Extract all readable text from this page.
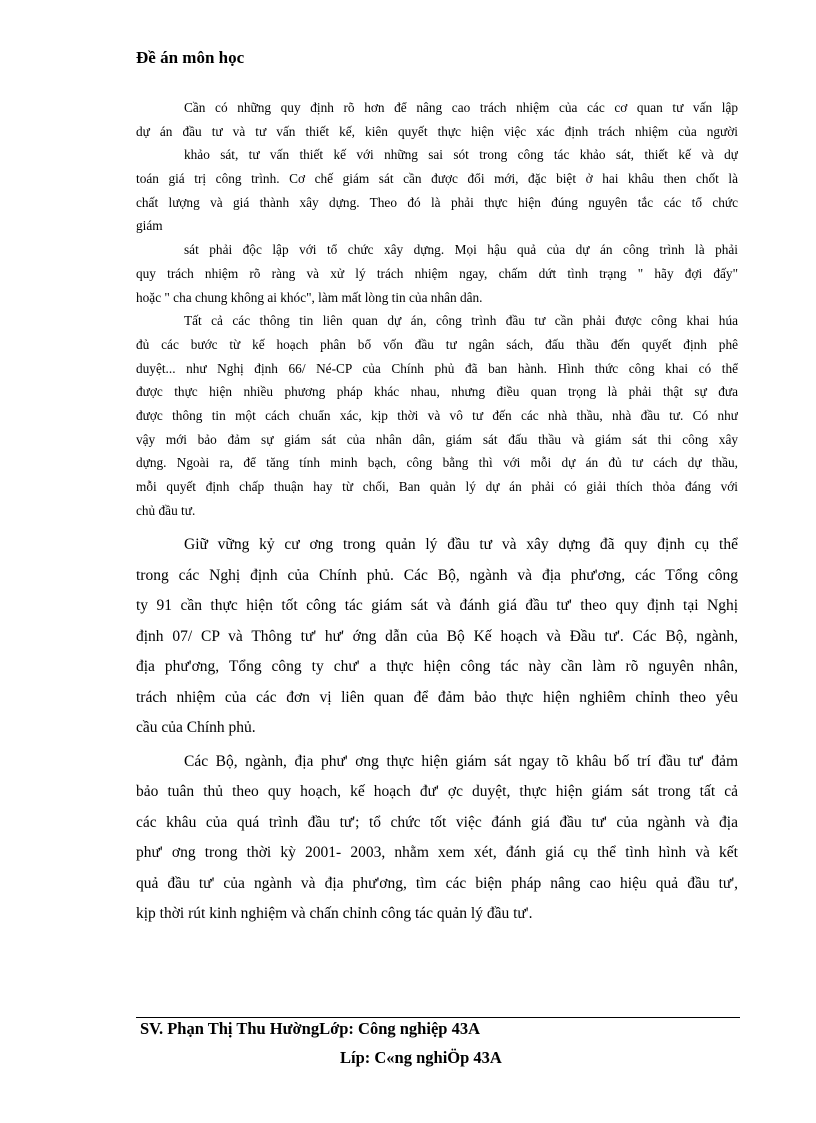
Đề án môn học
Cần có những quy định rõ hơn để nâng cao trách nhiệm của các cơ quan tư vấn lập
dự án đầu tư và tư vấn thiết kế, kiên quyết thực hiện việc xác định trách nhiệm của người
khảo sát, tư vấn thiết kế với những sai sót trong công tác khảo sát, thiết kế và dự
toán giá trị công trình. Cơ chế giám sát cần được đổi mới, đặc biệt ở hai khâu then chốt là
chất lượng và giá thành xây dựng. Theo đó là phải thực hiện đúng nguyên tắc các tổ chức
giám
sát phải độc lập với tổ chức xây dựng. Mọi hậu quả của dự án công trình là phải
quy trách nhiệm rõ ràng và xử lý trách nhiệm ngay, chấm dứt tình trạng " hãy đợi đấy"
hoặc " cha chung không ai khóc", làm mất lòng tin của nhân dân.
Tất cả các thông tin liên quan dự án, công trình đầu tư cần phải được công khai húa
đủ các bước từ kế hoạch phân bổ vốn đầu tư ngân sách, đấu thầu đến quyết định phê
duyệt... như Nghị định 66/ Né-CP của Chính phủ đã ban hành. Hình thức công khai có thể
được thực hiện nhiều phương pháp khác nhau, nhưng điều quan trọng là phải thật sự đưa
được thông tin một cách chuẩn xác, kịp thời và vô tư đến các nhà thầu, nhà đầu tư. Có như
vậy mới bảo đảm sự giám sát của nhân dân, giám sát đấu thầu và giám sát thi công xây
dựng. Ngoài ra, để tăng tính minh bạch, công bằng thì với mỗi dự án đủ tư cách dự thầu,
mỗi quyết định chấp thuận hay từ chối, Ban quản lý dự án phải có giải thích thỏa đáng với
chủ đầu tư.
Giữ vững kỷ cư ơng trong quản lý đầu tư và xây dựng đã quy định cụ thể
trong các Nghị định của Chính phủ. Các Bộ, ngành và địa phư'ơng, các Tổng công
ty 91 cần thực hiện tốt công tác giám sát và đánh giá đầu tư' theo quy định tại Nghị
định 07/ CP và Thông tư' hư' ớng dẫn của Bộ Kế hoạch và Đầu tư'. Các Bộ, ngành,
địa phư'ơng, Tổng công ty chư' a thực hiện công tác này cần làm rõ nguyên nhân,
trách nhiệm của các đơn vị liên quan để đảm bảo thực hiện nghiêm chỉnh theo yêu
cầu của Chính phủ.
Các Bộ, ngành, địa phư' ơng thực hiện giám sát ngay tõ khâu bố trí đầu tư' đảm
bảo tuân thủ theo quy hoạch, kế hoạch đư' ợc duyệt, thực hiện giám sát trong tất cả
các khâu của quá trình đầu tư'; tổ chức tốt việc đánh giá đầu tư' của ngành và địa
phư' ơng trong thời kỳ 2001- 2003, nhằm xem xét, đánh giá cụ thể tình hình và kết
quả đầu tư' của ngành và địa phư'ơng, tìm các biện pháp nâng cao hiệu quả đầu tư',
kịp thời rút kinh nghiệm và chấn chỉnh công tác quản lý đầu tư'.
SV. Phạn Thị Thu HườngLớp: Công nghiệp 43A
Líp: C«ng nghiÖp 43A
